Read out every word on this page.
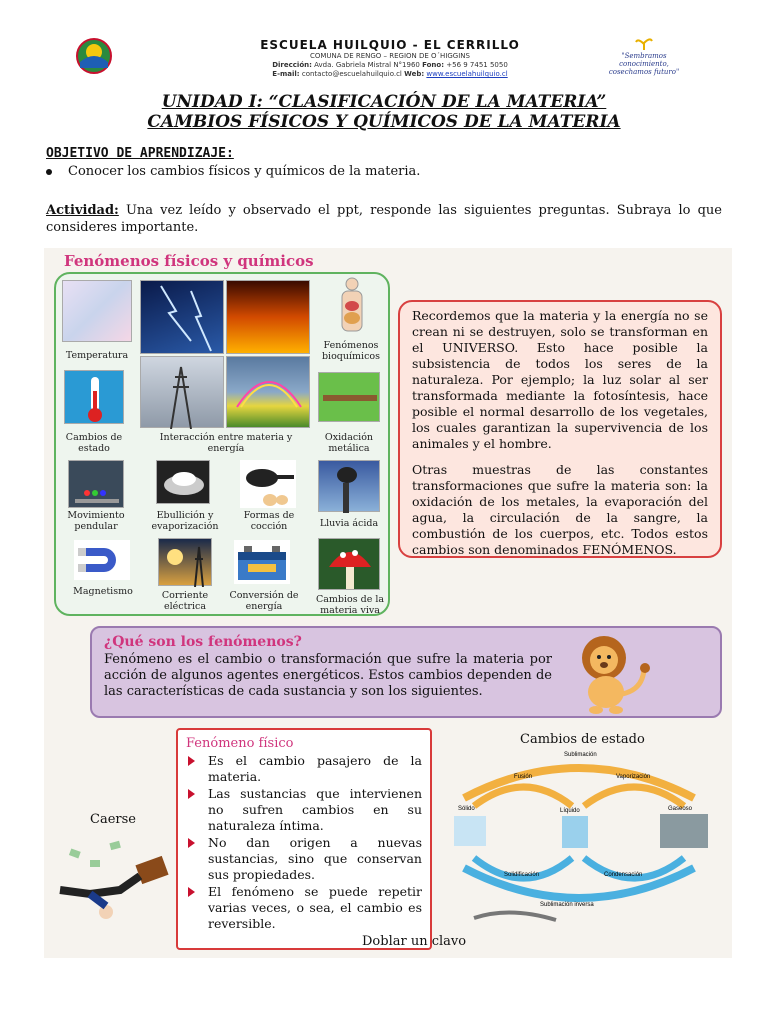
ESCUELA HUILQUIO - EL CERRILLO
COMUNA DE RENGO – REGION DE O´HIGGINS
Dirección: Avda. Gabriela Mistral N°1960 Fono: +56 9 7451 5050
E-mail: contacto@escuelahuilquio.cl Web: www.escuelahuilquio.cl
"Sembramos conocimiento, cosechamos futuro"
UNIDAD I: “CLASIFICACIÓN DE LA MATERIA”
CAMBIOS FÍSICOS Y QUÍMICOS DE LA MATERIA
OBJETIVO DE APRENDIZAJE:
Conocer los cambios físicos y químicos de la materia.
Actividad: Una vez leído y observado el ppt, responde las siguientes preguntas. Subraya lo que consideres importante.
Fenómenos físicos y químicos
Temperatura
Fenómenos bioquímicos
Cambios de estado
Interacción entre materia y energía
Oxidación metálica
Movimiento pendular
Ebullición y evaporización
Formas de cocción	Lluvia ácida
Magnetismo	Corriente eléctrica
Conversión de energía
Cambios de la materia viva

Recordemos que la materia y la energía no se crean ni se destruyen, solo se transforman en el UNIVERSO. Esto hace posible la subsistencia de todos los seres de la naturaleza. Por ejemplo; la luz solar al ser transformada mediante la fotosíntesis, hace posible el normal desarrollo de los vegetales, los cuales garantizan la supervivencia de los animales y el hombre.

Otras muestras de las constantes transformaciones que sufre la materia son: la oxidación de los metales, la evaporación del agua, la circulación de la sangre, la combustión de los cuerpos, etc. Todos estos cambios son denominados FENÓMENOS.

¿Qué son los fenómenos?
Fenómeno es el cambio o transformación que sufre la materia por acción de algunos agentes energéticos. Estos cambios dependen de las características de cada sustancia y son los siguientes.
Fenómeno físico
Es el cambio pasajero de la materia.
Las sustancias que intervienen no sufren cambios en su naturaleza íntima.
No dan origen a nuevas sustancias, sino que conservan sus propiedades.
El fenómeno se puede repetir varias veces, o sea, el cambio es reversible.
Caerse
Cambios de estado
Sublimación
Fusión	Vaporización
Sólido	Líquido	Gaseoso
Solidificación	Condensación
Sublimación inversa
Doblar un clavo
